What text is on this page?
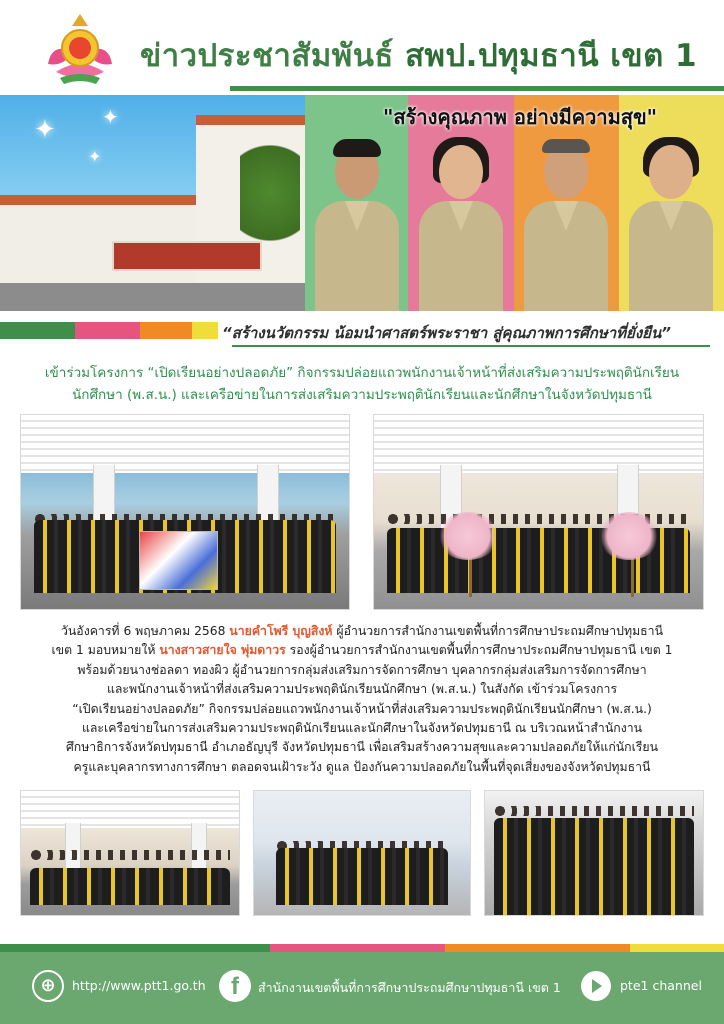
ข่าวประชาสัมพันธ์ สพป.ปทุมธานี เขต 1
✦ ✦
✦
"สร้างคุณภาพ อย่างมีความสุข"
“สร้างนวัตกรรม น้อมนำศาสตร์พระราชา สู่คุณภาพการศึกษาที่ยั่งยืน”
เข้าร่วมโครงการ “เปิดเรียนอย่างปลอดภัย” กิจกรรมปล่อยแถวพนักงานเจ้าหน้าที่ส่งเสริมความประพฤตินักเรียน
นักศึกษา (พ.ส.น.) และเครือข่ายในการส่งเสริมความประพฤตินักเรียนและนักศึกษาในจังหวัดปทุมธานี
วันอังคารที่ 6 พฤษภาคม 2568 นายคำโพรี บุญสิงห์ ผู้อำนวยการสำนักงานเขตพื้นที่การศึกษาประถมศึกษาปทุมธานี
เขต 1 มอบหมายให้ นางสาวสายใจ พุ่มดาวร รองผู้อำนวยการสำนักงานเขตพื้นที่การศึกษาประถมศึกษาปทุมธานี เขต 1
พร้อมด้วยนางช่อลดา ทองผิว ผู้อำนวยการกลุ่มส่งเสริมการจัดการศึกษา บุคลากรกลุ่มส่งเสริมการจัดการศึกษา
และพนักงานเจ้าหน้าที่ส่งเสริมความประพฤตินักเรียนนักศึกษา (พ.ส.น.) ในสังกัด เข้าร่วมโครงการ
“เปิดเรียนอย่างปลอดภัย” กิจกรรมปล่อยแถวพนักงานเจ้าหน้าที่ส่งเสริมความประพฤตินักเรียนนักศึกษา (พ.ส.น.)
และเครือข่ายในการส่งเสริมความประพฤตินักเรียนและนักศึกษาในจังหวัดปทุมธานี ณ บริเวณหน้าสำนักงาน
ศึกษาธิการจังหวัดปทุมธานี อำเภอธัญบุรี จังหวัดปทุมธานี เพื่อเสริมสร้างความสุขและความปลอดภัยให้แก่นักเรียน
ครูและบุคลากรทางการศึกษา ตลอดจนเฝ้าระวัง ดูแล ป้องกันความปลอดภัยในพื้นที่จุดเสี่ยงของจังหวัดปทุมธานี
⊕	http://www.ptt1.go.th	f	สำนักงานเขตพื้นที่การศึกษาประถมศึกษาปทุมธานี เขต 1	pte1 channel
